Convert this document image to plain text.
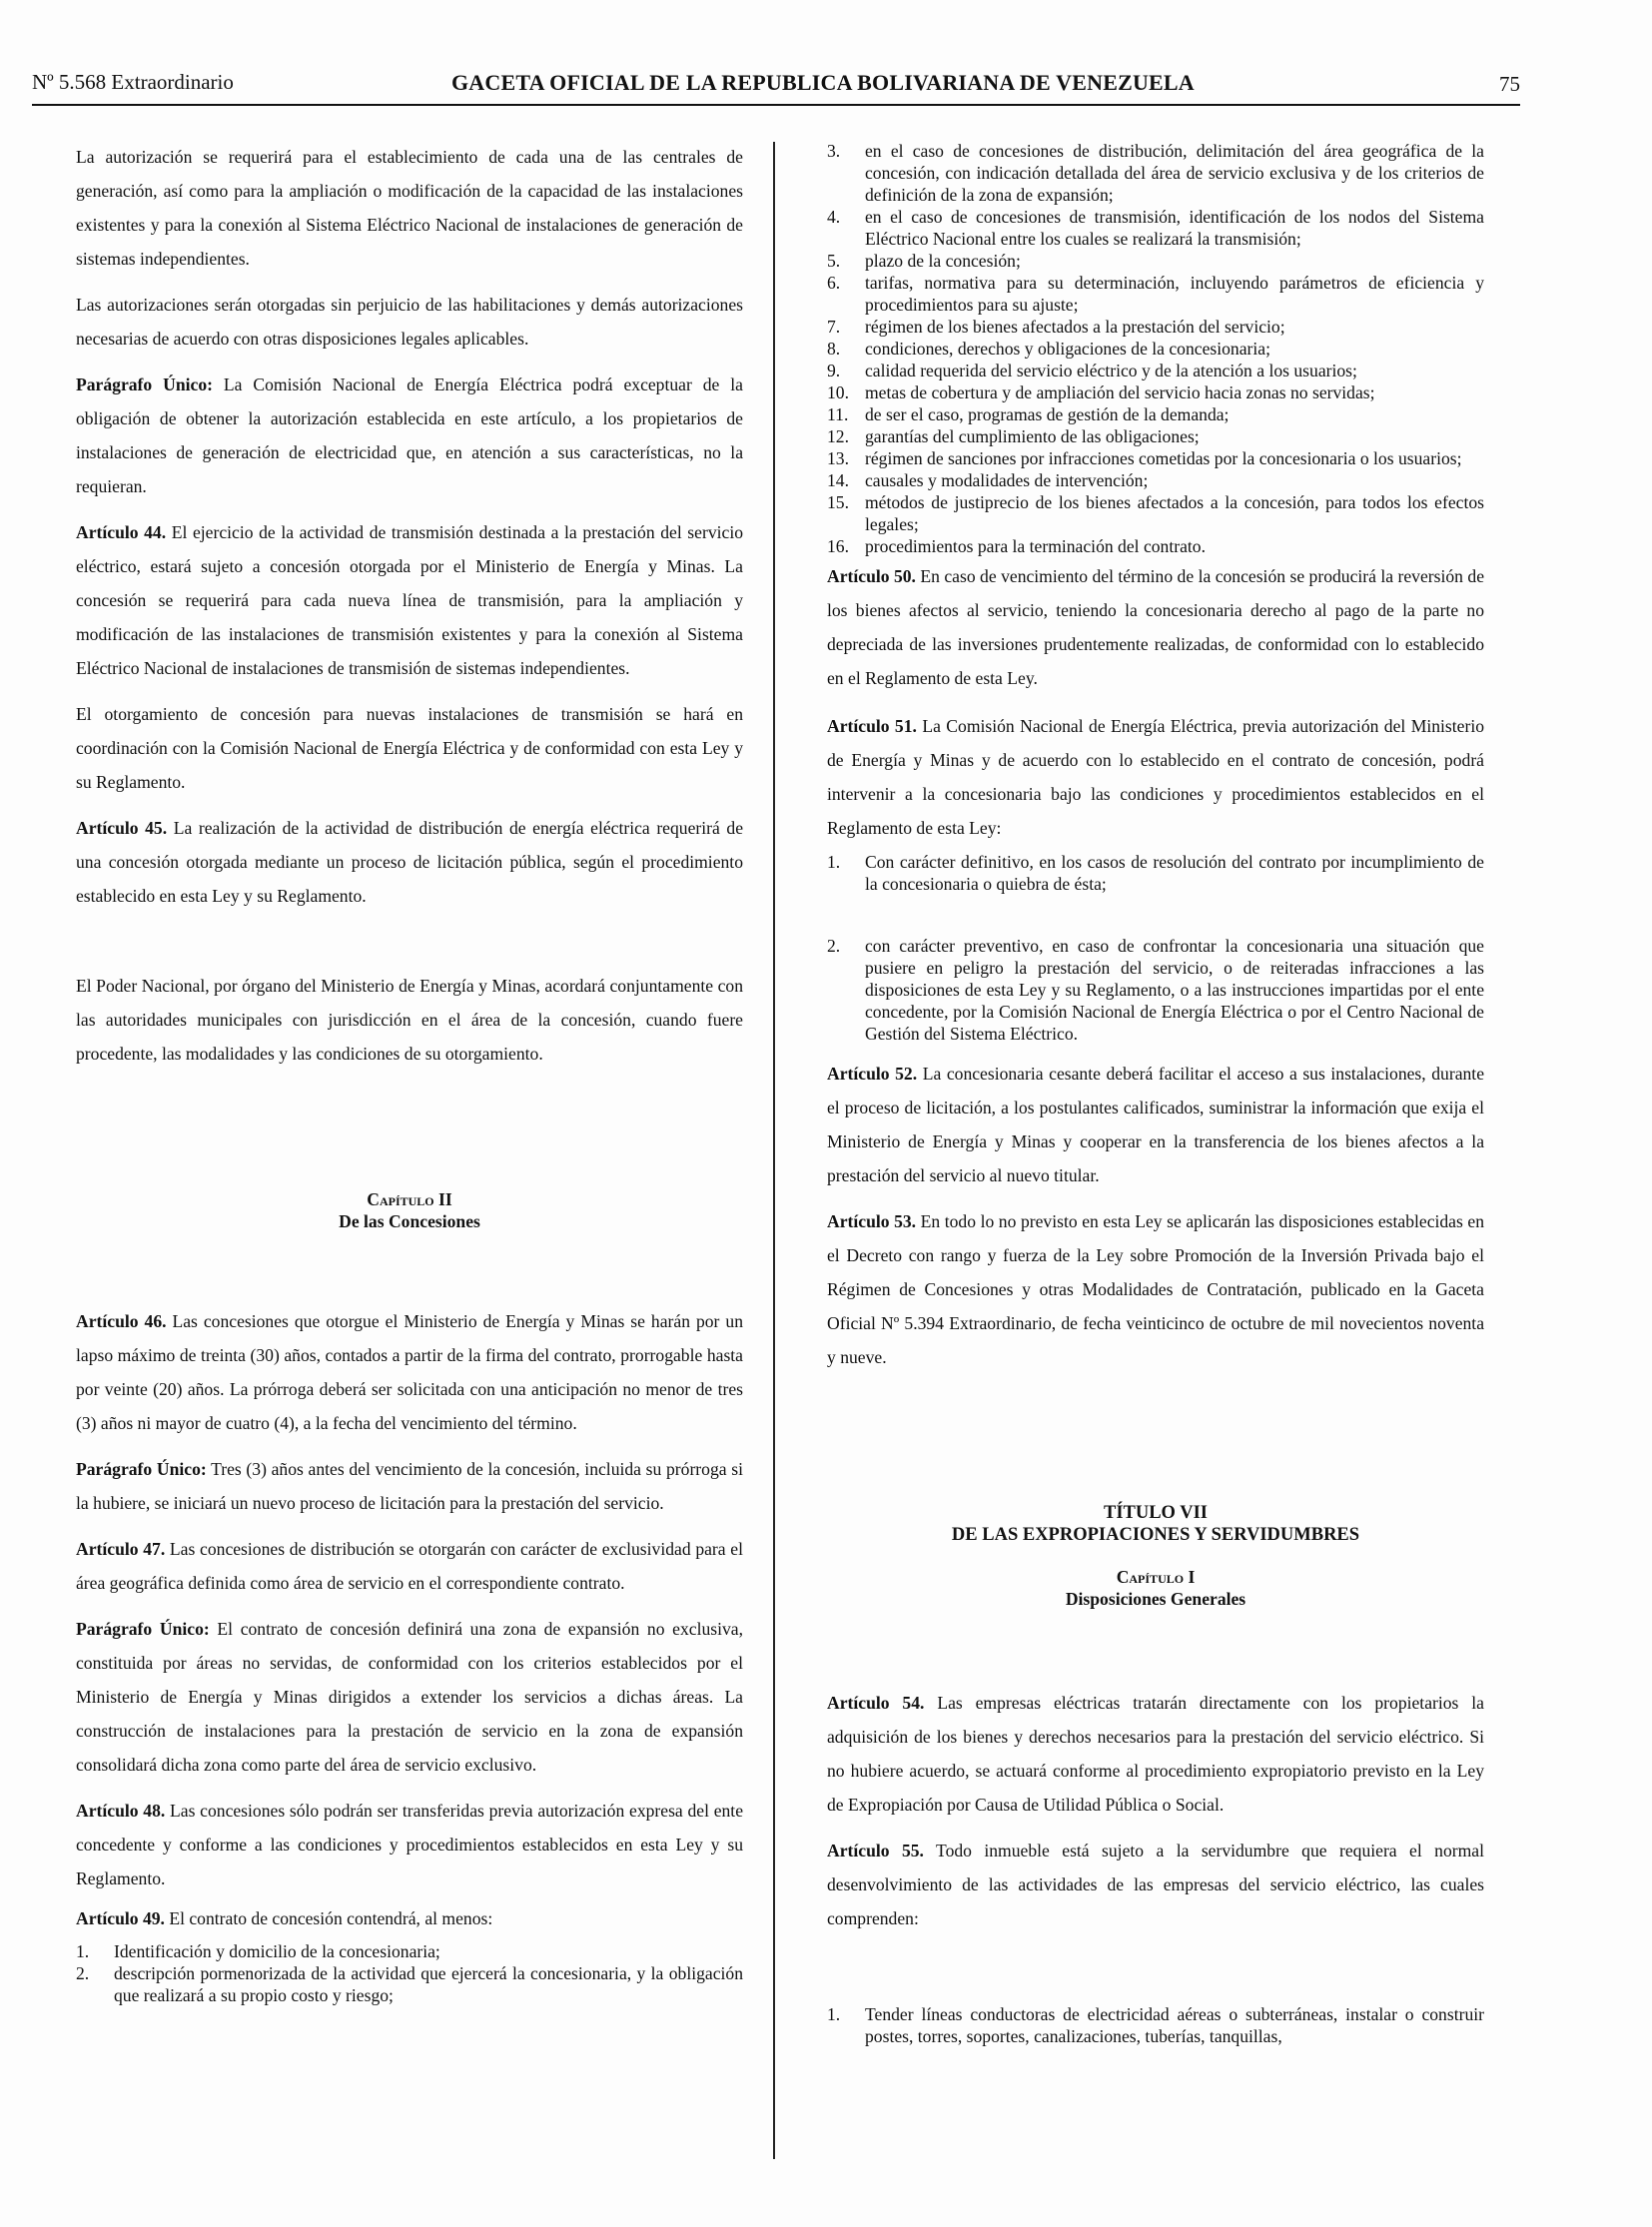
Nº 5.568 Extraordinario	GACETA OFICIAL DE LA REPUBLICA BOLIVARIANA DE VENEZUELA	75

La autorización se requerirá para el establecimiento de cada una de las centrales de generación, así como para la ampliación o modificación de la capacidad de las instalaciones existentes y para la conexión al Sistema Eléctrico Nacional de instalaciones de generación de sistemas independientes.

Las autorizaciones serán otorgadas sin perjuicio de las habilitaciones y demás autorizaciones necesarias de acuerdo con otras disposiciones legales aplicables.

Parágrafo Único: La Comisión Nacional de Energía Eléctrica podrá exceptuar de la obligación de obtener la autorización establecida en este artículo, a los propietarios de instalaciones de generación de electricidad que, en atención a sus características, no la requieran.

Artículo 44. El ejercicio de la actividad de transmisión destinada a la prestación del servicio eléctrico, estará sujeto a concesión otorgada por el Ministerio de Energía y Minas. La concesión se requerirá para cada nueva línea de transmisión, para la ampliación y modificación de las instalaciones de transmisión existentes y para la conexión al Sistema Eléctrico Nacional de instalaciones de transmisión de sistemas independientes.

El otorgamiento de concesión para nuevas instalaciones de transmisión se hará en coordinación con la Comisión Nacional de Energía Eléctrica y de conformidad con esta Ley y su Reglamento.

Artículo 45. La realización de la actividad de distribución de energía eléctrica requerirá de una concesión otorgada mediante un proceso de licitación pública, según el procedimiento establecido en esta Ley y su Reglamento.

El Poder Nacional, por órgano del Ministerio de Energía y Minas, acordará conjuntamente con las autoridades municipales con jurisdicción en el área de la concesión, cuando fuere procedente, las modalidades y las condiciones de su otorgamiento.

Capítulo II
De las Concesiones

Artículo 46. Las concesiones que otorgue el Ministerio de Energía y Minas se harán por un lapso máximo de treinta (30) años, contados a partir de la firma del contrato, prorrogable hasta por veinte (20) años. La prórroga deberá ser solicitada con una anticipación no menor de tres (3) años ni mayor de cuatro (4), a la fecha del vencimiento del término.

Parágrafo Único: Tres (3) años antes del vencimiento de la concesión, incluida su prórroga si la hubiere, se iniciará un nuevo proceso de licitación para la prestación del servicio.

Artículo 47. Las concesiones de distribución se otorgarán con carácter de exclusividad para el área geográfica definida como área de servicio en el correspondiente contrato.

Parágrafo Único: El contrato de concesión definirá una zona de expansión no exclusiva, constituida por áreas no servidas, de conformidad con los criterios establecidos por el Ministerio de Energía y Minas dirigidos a extender los servicios a dichas áreas. La construcción de instalaciones para la prestación de servicio en la zona de expansión consolidará dicha zona como parte del área de servicio exclusivo.

Artículo 48. Las concesiones sólo podrán ser transferidas previa autorización expresa del ente concedente y conforme a las condiciones y procedimientos establecidos en esta Ley y su Reglamento.

Artículo 49. El contrato de concesión contendrá, al menos:

1.	Identificación y domicilio de la concesionaria;
2.	descripción pormenorizada de la actividad que ejercerá la concesionaria, y la obligación que realizará a su propio costo y riesgo;
3.	en el caso de concesiones de distribución, delimitación del área geográfica de la concesión, con indicación detallada del área de servicio exclusiva y de los criterios de definición de la zona de expansión;
4.	en el caso de concesiones de transmisión, identificación de los nodos del Sistema Eléctrico Nacional entre los cuales se realizará la transmisión;
5.	plazo de la concesión;
6.	tarifas, normativa para su determinación, incluyendo parámetros de eficiencia y procedimientos para su ajuste;
7.	régimen de los bienes afectados a la prestación del servicio;
8.	condiciones, derechos y obligaciones de la concesionaria;
9.	calidad requerida del servicio eléctrico y de la atención a los usuarios;
10. metas de cobertura y de ampliación del servicio hacia zonas no servidas;
11. de ser el caso, programas de gestión de la demanda;
12. garantías del cumplimiento de las obligaciones;
13. régimen de sanciones por infracciones cometidas por la concesionaria o los usuarios;
14. causales y modalidades de intervención;
15. métodos de justiprecio de los bienes afectados a la concesión, para todos los efectos legales;
16. procedimientos para la terminación del contrato.

Artículo 50. En caso de vencimiento del término de la concesión se producirá la reversión de los bienes afectos al servicio, teniendo la concesionaria derecho al pago de la parte no depreciada de las inversiones prudentemente realizadas, de conformidad con lo establecido en el Reglamento de esta Ley.

Artículo 51. La Comisión Nacional de Energía Eléctrica, previa autorización del Ministerio de Energía y Minas y de acuerdo con lo establecido en el contrato de concesión, podrá intervenir a la concesionaria bajo las condiciones y procedimientos establecidos en el Reglamento de esta Ley:

1.	Con carácter definitivo, en los casos de resolución del contrato por incumplimiento de la concesionaria o quiebra de ésta;
2.	con carácter preventivo, en caso de confrontar la concesionaria una situación que pusiere en peligro la prestación del servicio, o de reiteradas infracciones a las disposiciones de esta Ley y su Reglamento, o a las instrucciones impartidas por el ente concedente, por la Comisión Nacional de Energía Eléctrica o por el Centro Nacional de Gestión del Sistema Eléctrico.

Artículo 52. La concesionaria cesante deberá facilitar el acceso a sus instalaciones, durante el proceso de licitación, a los postulantes calificados, suministrar la información que exija el Ministerio de Energía y Minas y cooperar en la transferencia de los bienes afectos a la prestación del servicio al nuevo titular.

Artículo 53. En todo lo no previsto en esta Ley se aplicarán las disposiciones establecidas en el Decreto con rango y fuerza de la Ley sobre Promoción de la Inversión Privada bajo el Régimen de Concesiones y otras Modalidades de Contratación, publicado en la Gaceta Oficial Nº 5.394 Extraordinario, de fecha veinticinco de octubre de mil novecientos noventa y nueve.

TÍTULO VII
DE LAS EXPROPIACIONES Y SERVIDUMBRES
Capítulo I
Disposiciones Generales

Artículo 54. Las empresas eléctricas tratarán directamente con los propietarios la adquisición de los bienes y derechos necesarios para la prestación del servicio eléctrico. Si no hubiere acuerdo, se actuará conforme al procedimiento expropiatorio previsto en la Ley de Expropiación por Causa de Utilidad Pública o Social.

Artículo 55. Todo inmueble está sujeto a la servidumbre que requiera el normal desenvolvimiento de las actividades de las empresas del servicio eléctrico, las cuales comprenden:

1.	Tender líneas conductoras de electricidad aéreas o subterráneas, instalar o construir postes, torres, soportes, canalizaciones, tuberías, tanquillas,
